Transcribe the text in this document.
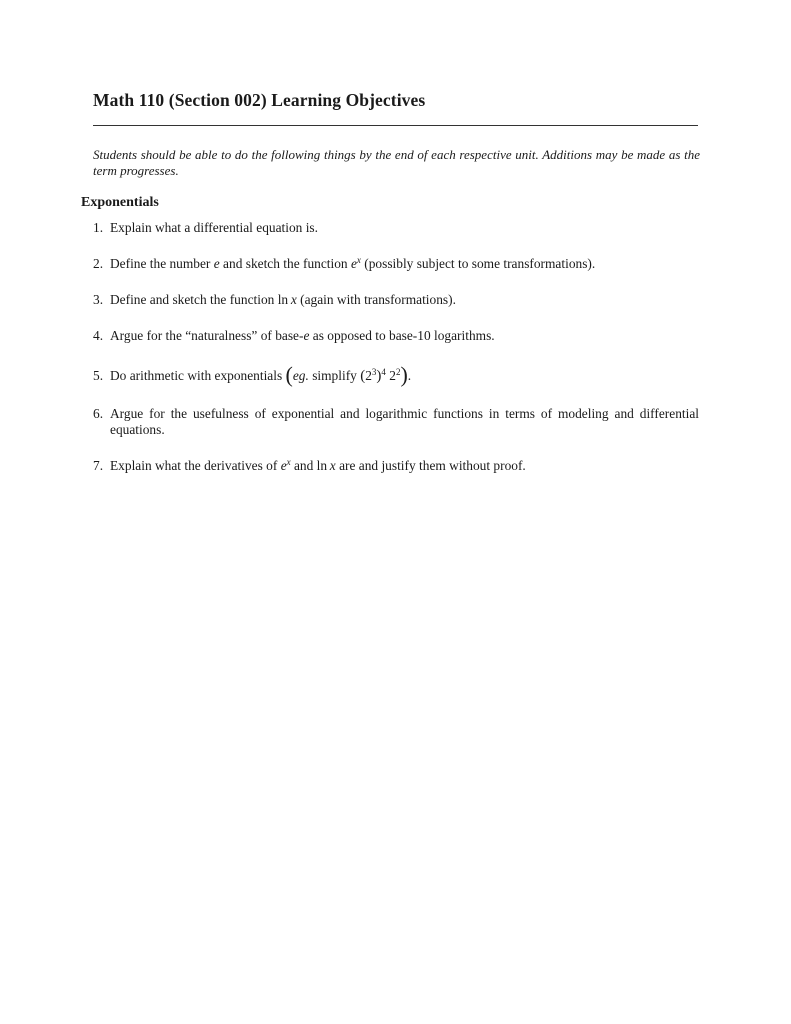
Math 110 (Section 002) Learning Objectives
Students should be able to do the following things by the end of each respective unit. Additions may be made as the term progresses.
Exponentials
1. Explain what a differential equation is.
2. Define the number e and sketch the function $e^x$ (possibly subject to some transformations).
3. Define and sketch the function ln  x (again with transformations).
4. Argue for the “naturalness” of base-e as opposed to base-10 logarithms.
5. Do arithmetic with exponentials (eg. simplify $(2^3)^4$ $2^2$).
6. Argue for the usefulness of exponential and logarithmic functions in terms of modeling and differential equations.
7. Explain what the derivatives of $e^x$ and ln  x are and justify them without proof.
